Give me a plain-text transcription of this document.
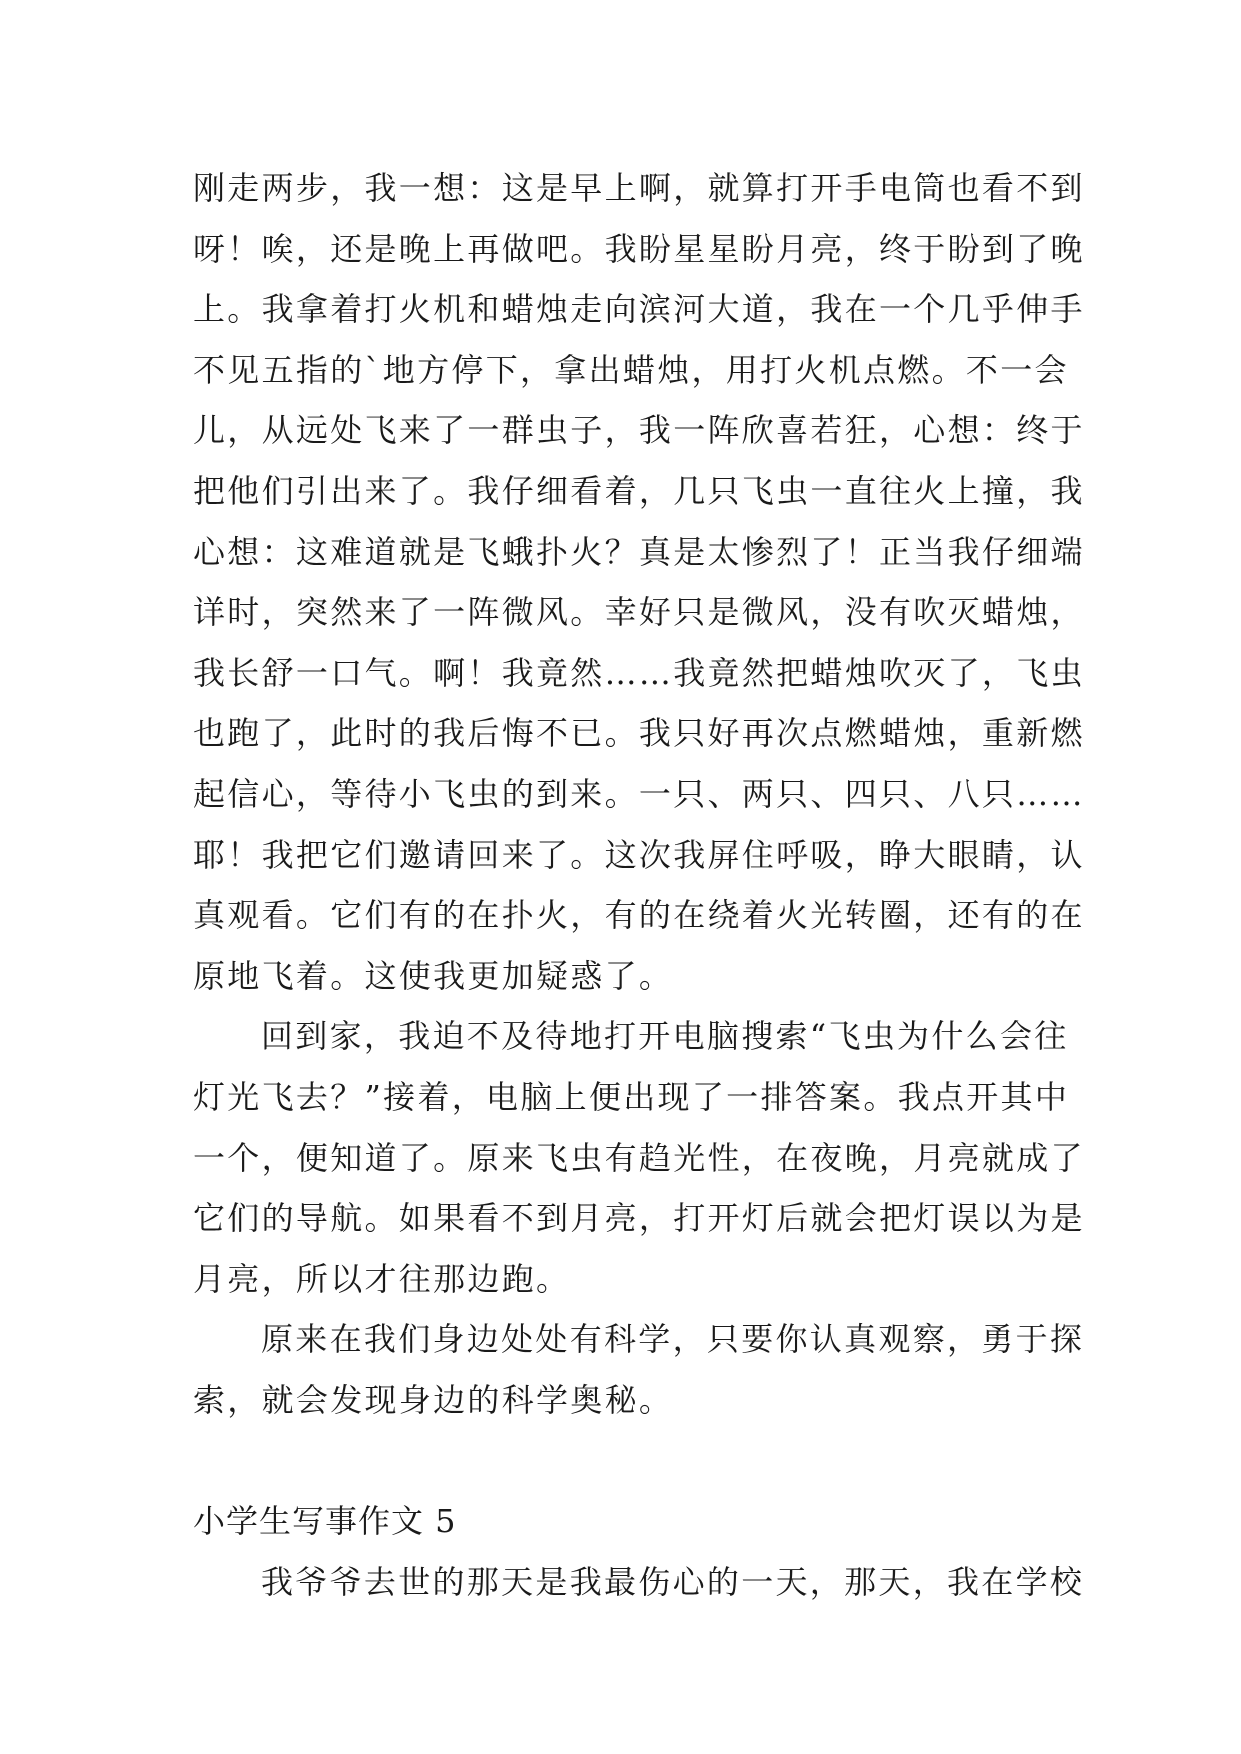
刚走两步，我一想：这是早上啊，就算打开手电筒也看不到
呀！唉，还是晚上再做吧。我盼星星盼月亮，终于盼到了晚
上。我拿着打火机和蜡烛走向滨河大道，我在一个几乎伸手
不见五指的`地方停下，拿出蜡烛，用打火机点燃。不一会
儿，从远处飞来了一群虫子，我一阵欣喜若狂，心想：终于
把他们引出来了。我仔细看着，几只飞虫一直往火上撞，我
心想：这难道就是飞蛾扑火？真是太惨烈了！正当我仔细端
详时，突然来了一阵微风。幸好只是微风，没有吹灭蜡烛，
我长舒一口气。啊！我竟然……我竟然把蜡烛吹灭了，飞虫
也跑了，此时的我后悔不已。我只好再次点燃蜡烛，重新燃
起信心，等待小飞虫的到来。一只、两只、四只、八只……
耶！我把它们邀请回来了。这次我屏住呼吸，睁大眼睛，认
真观看。它们有的在扑火，有的在绕着火光转圈，还有的在
原地飞着。这使我更加疑惑了。
回到家，我迫不及待地打开电脑搜索“飞虫为什么会往
灯光飞去？”接着，电脑上便出现了一排答案。我点开其中
一个，便知道了。原来飞虫有趋光性，在夜晚，月亮就成了
它们的导航。如果看不到月亮，打开灯后就会把灯误以为是
月亮，所以才往那边跑。
原来在我们身边处处有科学，只要你认真观察，勇于探
索，就会发现身边的科学奥秘。
小学生写事作文 5
我爷爷去世的那天是我最伤心的一天，那天，我在学校
